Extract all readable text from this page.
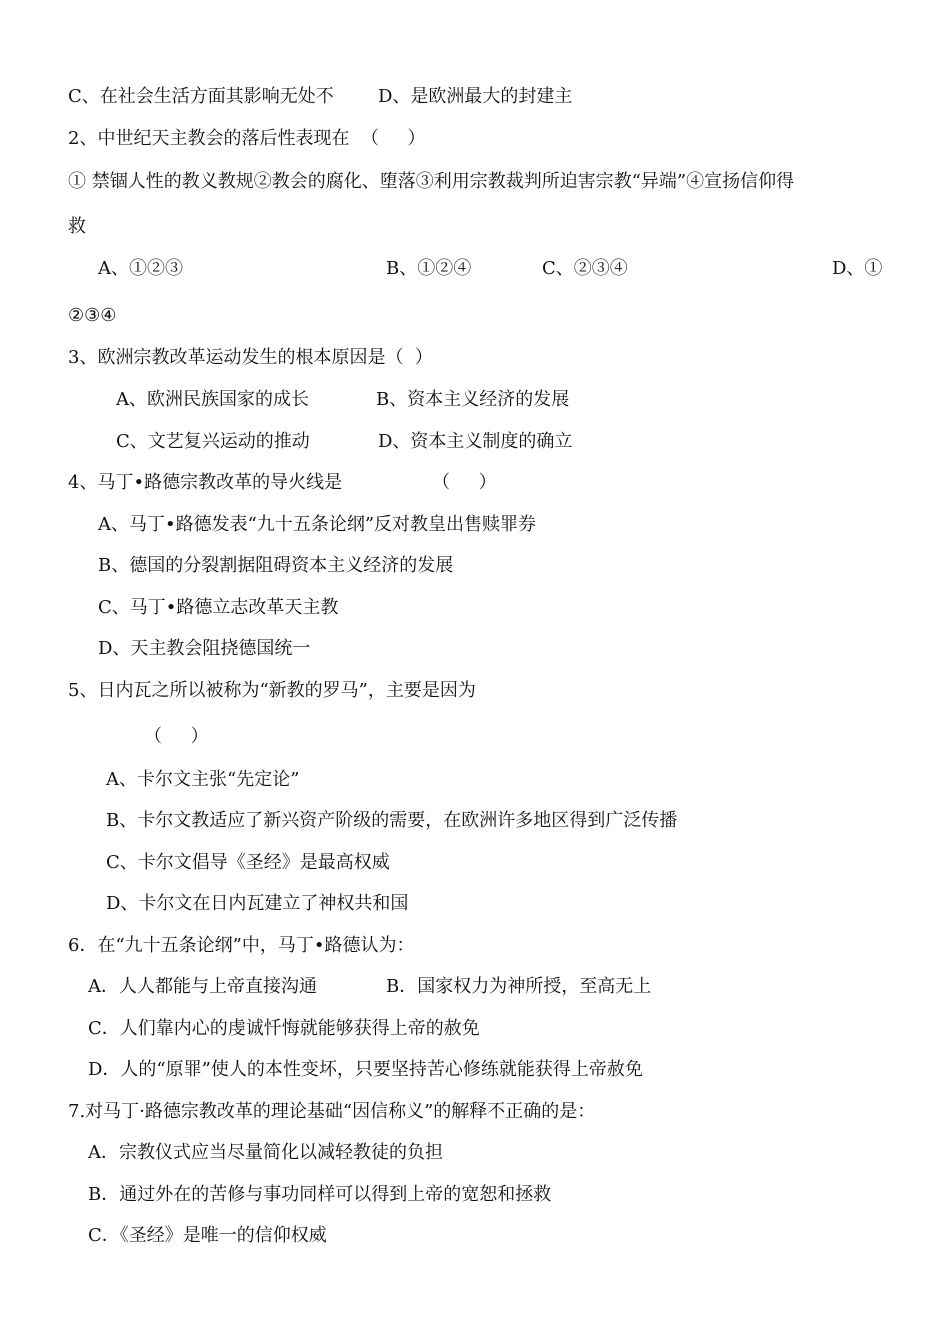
C、在社会生活方面其影响无处不 D、是欧洲最大的封建主
2、中世纪天主教会的落后性表现在  （     ）
① 禁锢人性的教义教规②教会的腐化、堕落③利用宗教裁判所迫害宗教“异端”④宣扬信仰得
救
A、①②③	B、①②④	C、②③④	D、①
②③④
3、欧洲宗教改革运动发生的根本原因是（  ）
A、欧洲民族国家的成长	B、资本主义经济的发展
C、文艺复兴运动的推动	D、资本主义制度的确立
4、马丁•路德宗教改革的导火线是	（     ）
A、马丁•路德发表“九十五条论纲”反对教皇出售赎罪券
B、德国的分裂割据阻碍资本主义经济的发展
C、马丁•路德立志改革天主教
D、天主教会阻挠德国统一
5、日内瓦之所以被称为“新教的罗马”，主要是因为
（     ）
A、卡尔文主张“先定论”
B、卡尔文教适应了新兴资产阶级的需要，在欧洲许多地区得到广泛传播
C、卡尔文倡导《圣经》是最高权威
D、卡尔文在日内瓦建立了神权共和国
6．在“九十五条论纲”中，马丁•路德认为：
A．人人都能与上帝直接沟通	B．国家权力为神所授，至高无上
C．人们靠内心的虔诚忏悔就能够获得上帝的赦免
D．人的“原罪”使人的本性变坏，只要坚持苦心修练就能获得上帝赦免
7.对马丁·路德宗教改革的理论基础“因信称义”的解释不正确的是：
A．宗教仪式应当尽量简化以减轻教徒的负担
B．通过外在的苦修与事功同样可以得到上帝的宽恕和拯救
C．《圣经》是唯一的信仰权威
